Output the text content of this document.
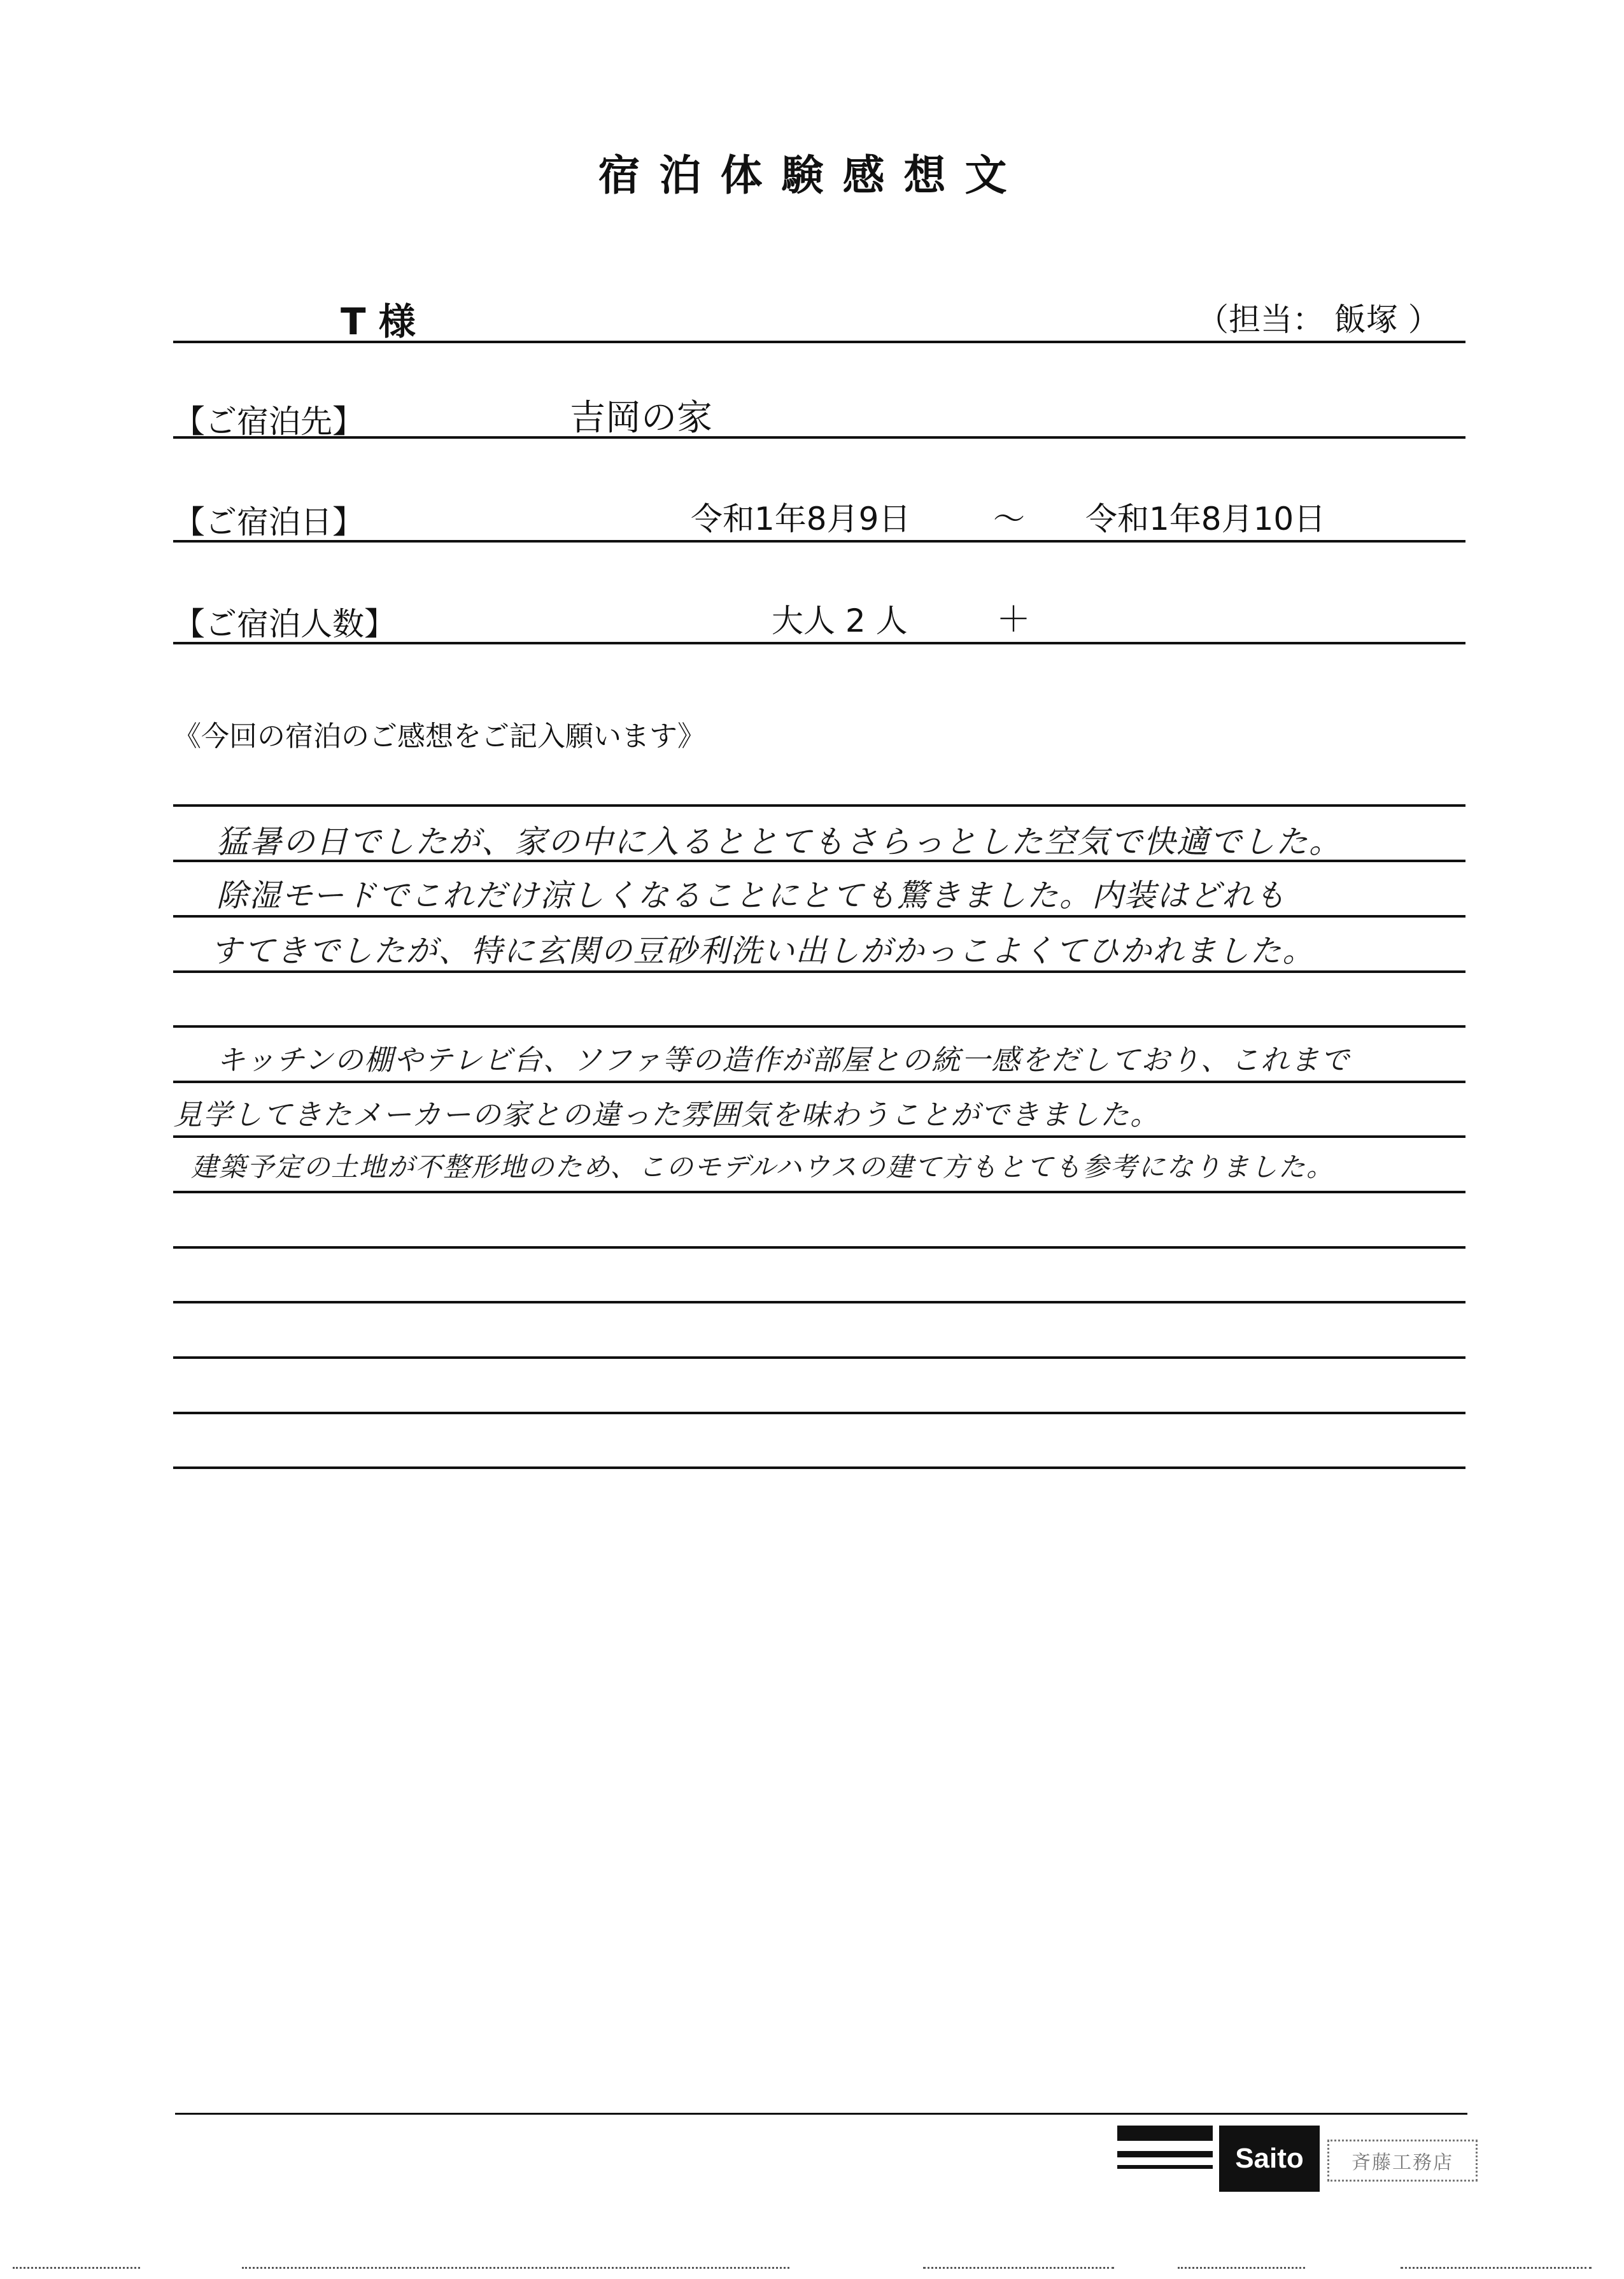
宿泊体験感想文
T 様	（担当： 飯塚 ）
【ご宿泊先】	吉岡の家
【ご宿泊日】	令和1年8月9日	～ 令和1年8月10日
【ご宿泊人数】	大人 2 人	＋
《今回の宿泊のご感想をご記入願います》
猛暑の日でしたが、家の中に入るととてもさらっとした空気で快適でした。
除湿モードでこれだけ涼しくなることにとても驚きました。内装はどれも
すてきでしたが、特に玄関の豆砂利洗い出しがかっこよくてひかれました。
キッチンの棚やテレビ台、ソファ等の造作が部屋との統一感をだしており、これまで
見学してきたメーカーの家との違った雰囲気を味わうことができました。
建築予定の土地が不整形地のため、このモデルハウスの建て方もとても参考になりました。
Saito	斉藤工務店
